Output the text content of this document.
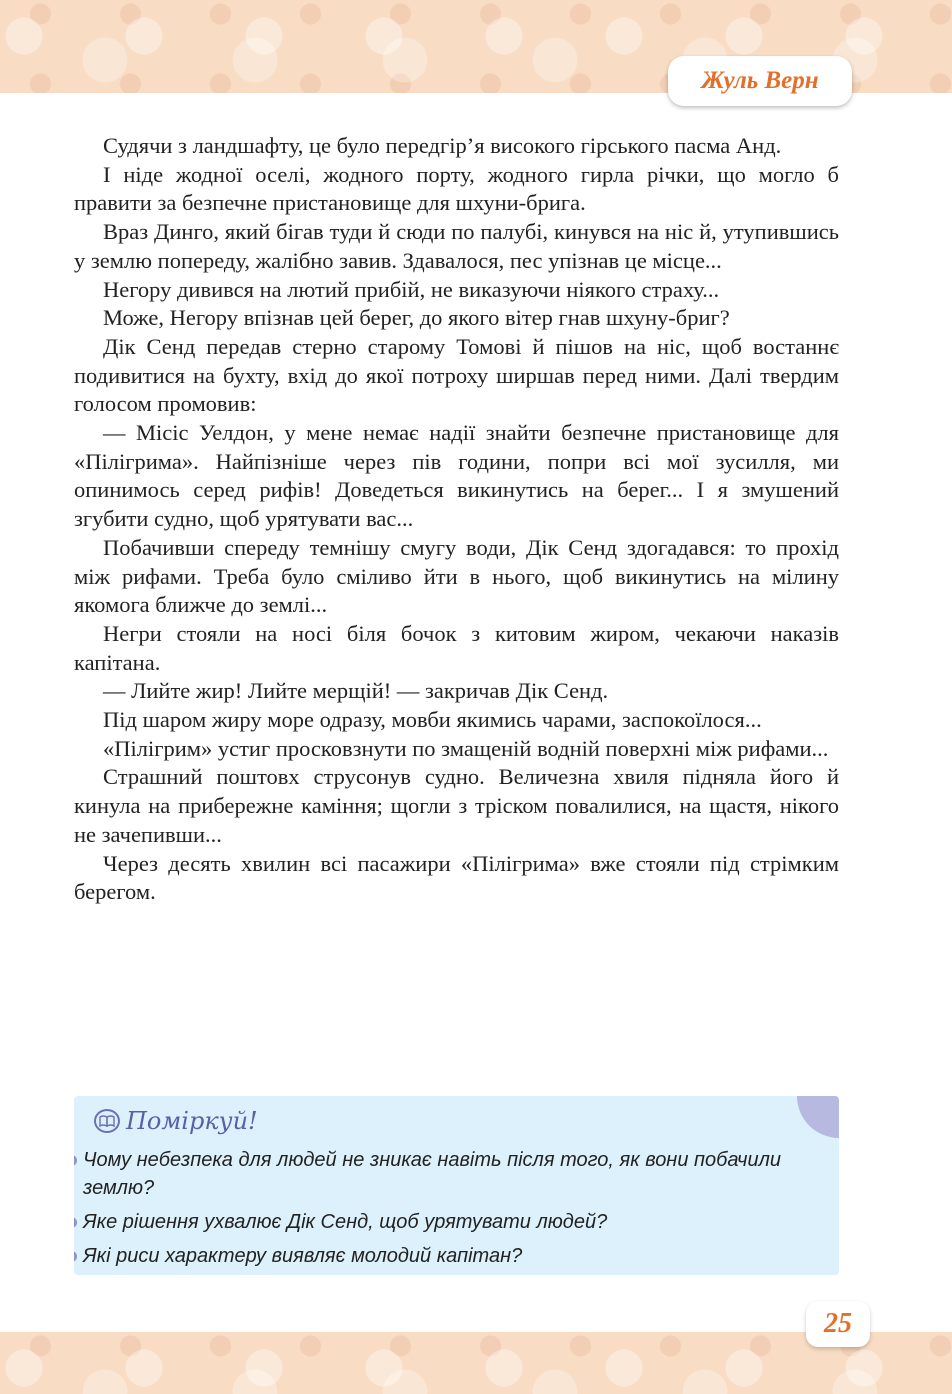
Жуль Верн

Судячи з ландшафту, це було передгір’я високого гірського пасма Анд.

І ніде жодної оселі, жодного порту, жодного гирла річки, що могло б правити за безпечне пристановище для шхуни-брига.

Враз Динго, який бігав туди й сюди по палубі, кинувся на ніс й, утупившись у землю попереду, жалібно завив. Здавалося, пес упізнав це місце...

Негору дивився на лютий прибій, не виказуючи ніякого страху...

Може, Негору впізнав цей берег, до якого вітер гнав шхуну-бриг?

Дік Сенд передав стерно старому Томові й пішов на ніс, щоб востаннє подивитися на бухту, вхід до якої потроху ширшав перед ними. Далі твердим голосом промовив:

— Місіс Уелдон, у мене немає надії знайти безпечне пристановище для «Пілігрима». Найпізніше через пів години, попри всі мої зусилля, ми опинимось серед рифів! Доведеться викинутись на берег... І я змушений згубити судно, щоб урятувати вас...

Побачивши спереду темнішу смугу води, Дік Сенд здогадався: то прохід між рифами. Треба було сміливо йти в нього, щоб викинутись на мілину якомога ближче до землі...

Негри стояли на носі біля бочок з китовим жиром, чекаючи наказів капітана.

— Лийте жир! Лийте мерщій! — закричав Дік Сенд.

Під шаром жиру море одразу, мовби якимись чарами, заспокоїлося...

«Пілігрим» устиг просковзнути по змащеній водній поверхні між рифами...

Страшний поштовх струсонув судно. Величезна хвиля підняла його й кинула на прибережне каміння; щогли з тріском повалилися, на щастя, нікого не зачепивши...

Через десять хвилин всі пасажири «Пілігрима» вже стояли під стрімким берегом.

Поміркуй!
Чому небезпека для людей не зникає навіть після того, як вони побачили землю?
Яке рішення ухвалює Дік Сенд, щоб урятувати людей?
Які риси характеру виявляє молодий капітан?
25
